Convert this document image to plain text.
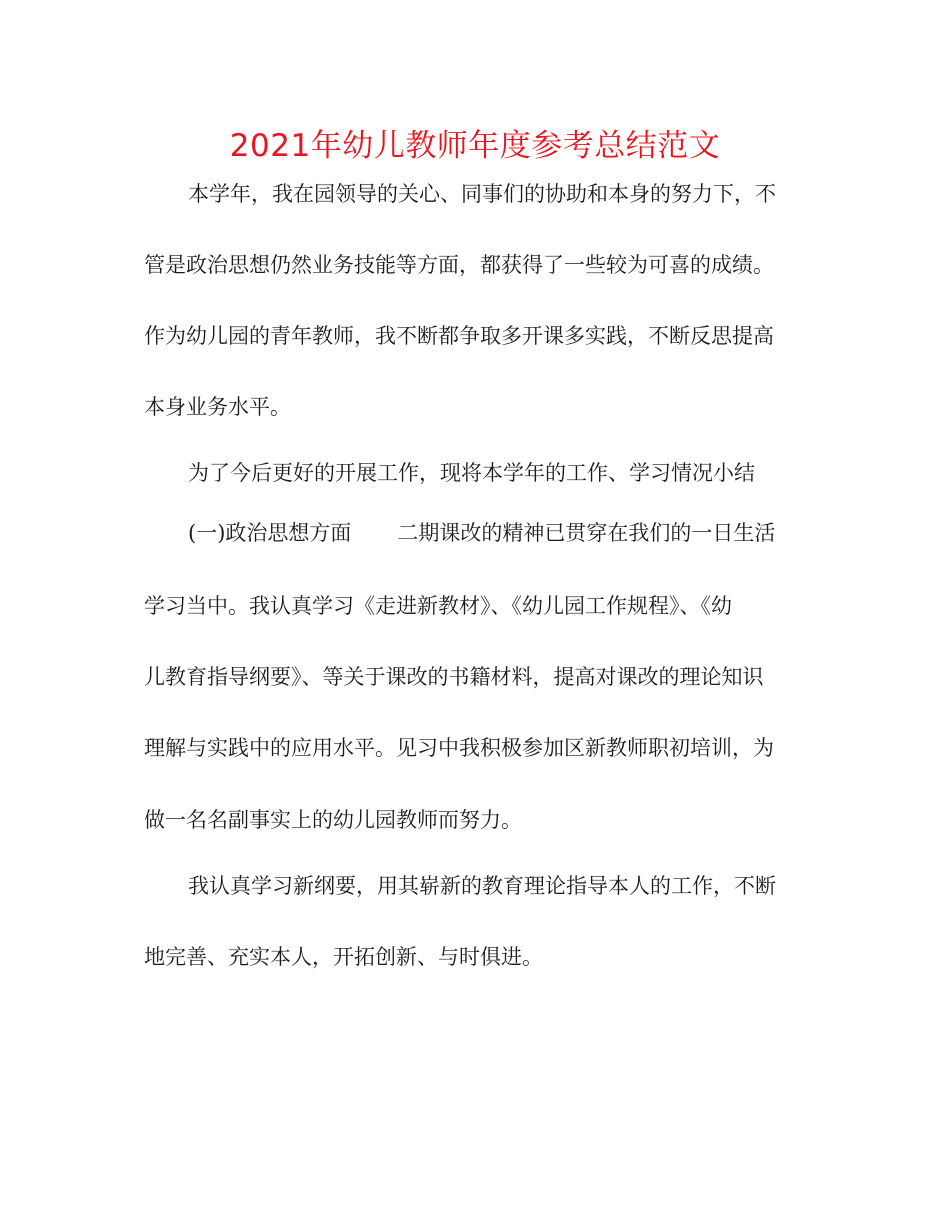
2021年幼儿教师年度参考总结范文
本学年，我在园领导的关心、同事们的协助和本身的努力下，不
管是政治思想仍然业务技能等方面，都获得了一些较为可喜的成绩。
作为幼儿园的青年教师，我不断都争取多开课多实践，不断反思提高
本身业务水平。
为了今后更好的开展工作，现将本学年的工作、学习情况小结
(一)政治思想方面 二期课改的精神已贯穿在我们的一日生活
学习当中。我认真学习《走进新教材》、《幼儿园工作规程》、《幼
儿教育指导纲要》、等关于课改的书籍材料，提高对课改的理论知识
理解与实践中的应用水平。见习中我积极参加区新教师职初培训，为
做一名名副事实上的幼儿园教师而努力。
我认真学习新纲要，用其崭新的教育理论指导本人的工作，不断
地完善、充实本人，开拓创新、与时俱进。
